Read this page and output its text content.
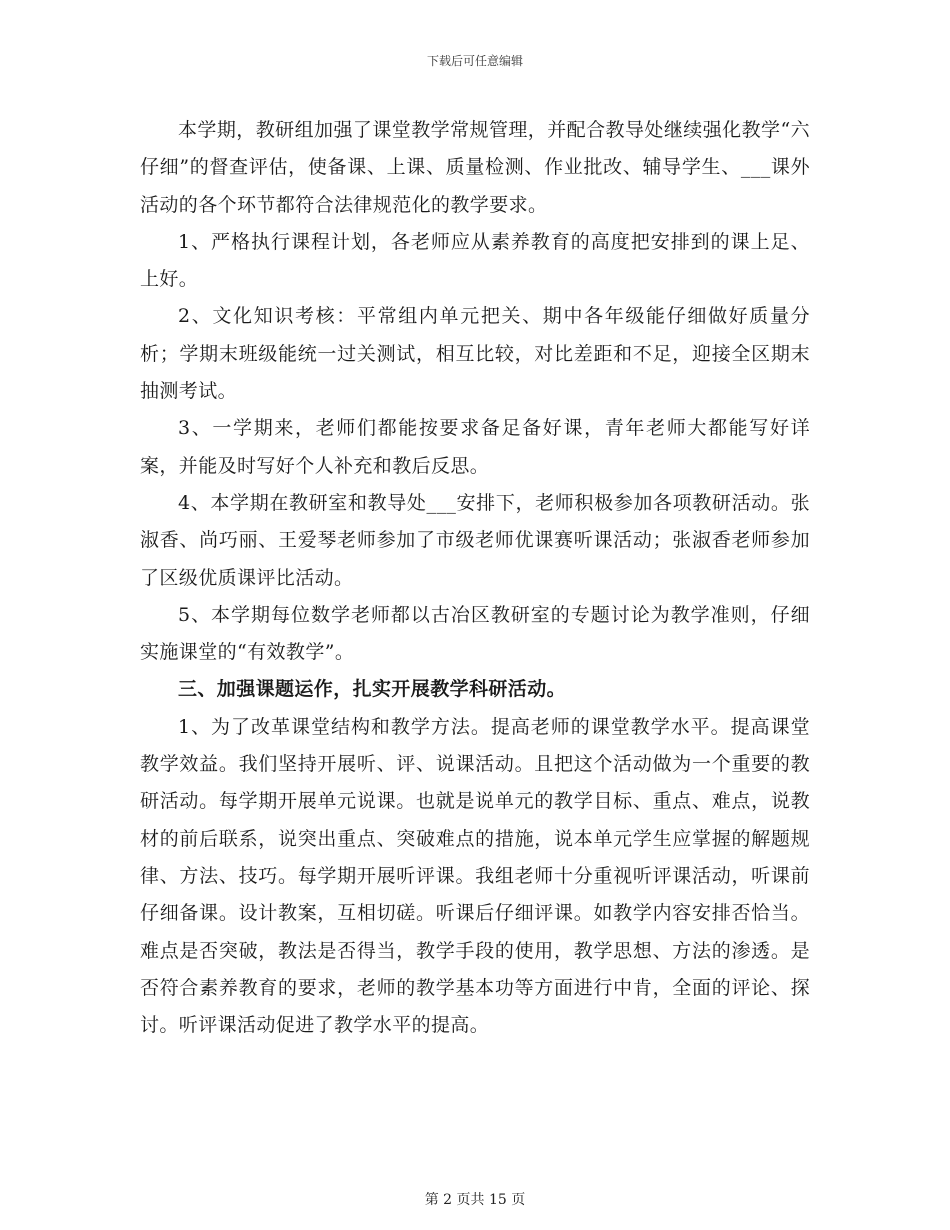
下载后可任意编辑

本学期，教研组加强了课堂教学常规管理，并配合教导处继续强化教学“六仔细”的督查评估，使备课、上课、质量检测、作业批改、辅导学生、___课外活动的各个环节都符合法律规范化的教学要求。

1、严格执行课程计划，各老师应从素养教育的高度把安排到的课上足、上好。

2、文化知识考核：平常组内单元把关、期中各年级能仔细做好质量分析；学期末班级能统一过关测试，相互比较，对比差距和不足，迎接全区期末抽测考试。

3、一学期来，老师们都能按要求备足备好课，青年老师大都能写好详案，并能及时写好个人补充和教后反思。

4、本学期在教研室和教导处___安排下，老师积极参加各项教研活动。张淑香、尚巧丽、王爱琴老师参加了市级老师优课赛听课活动；张淑香老师参加了区级优质课评比活动。

5、本学期每位数学老师都以古冶区教研室的专题讨论为教学准则，仔细实施课堂的“有效教学”。

三、加强课题运作，扎实开展教学科研活动。

1、为了改革课堂结构和教学方法。提高老师的课堂教学水平。提高课堂教学效益。我们坚持开展听、评、说课活动。且把这个活动做为一个重要的教研活动。每学期开展单元说课。也就是说单元的教学目标、重点、难点，说教材的前后联系，说突出重点、突破难点的措施，说本单元学生应掌握的解题规律、方法、技巧。每学期开展听评课。我组老师十分重视听评课活动，听课前仔细备课。设计教案，互相切磋。听课后仔细评课。如教学内容安排否恰当。难点是否突破，教法是否得当，教学手段的使用，教学思想、方法的渗透。是否符合素养教育的要求，老师的教学基本功等方面进行中肯，全面的评论、探讨。听评课活动促进了教学水平的提高。

第 2 页共 15 页
